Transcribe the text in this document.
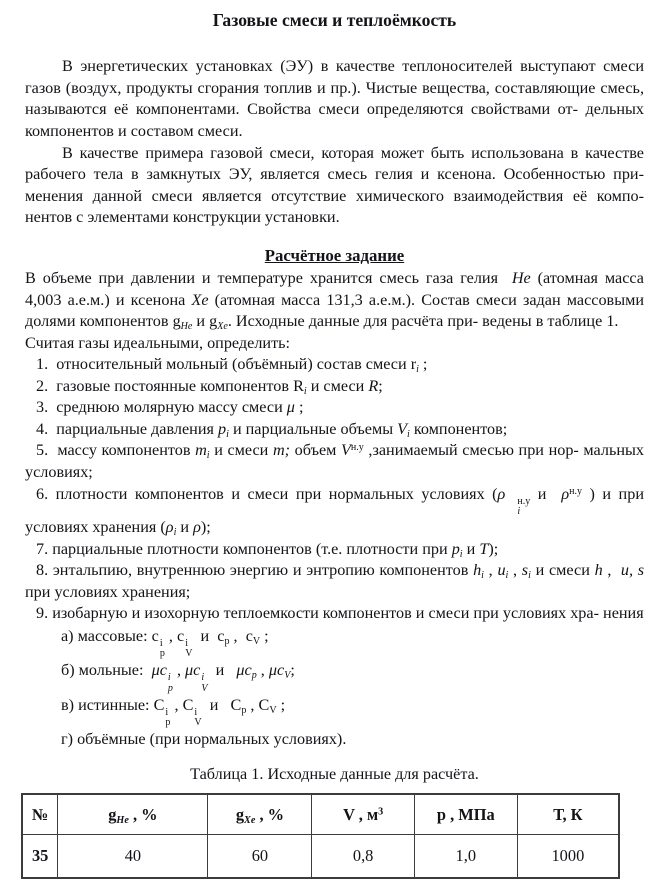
Газовые смеси и теплоёмкость

В энергетических установках (ЭУ) в качестве теплоносителей выступают смеси газов (воздух, продукты сгорания топлив и пр.). Чистые вещества, составляющие смесь, называются её компонентами. Свойства смеси определяются свойствами от- дельных компонентов и составом смеси.

В качестве примера газовой смеси, которая может быть использована в качестве рабочего тела в замкнутых ЭУ, является смесь гелия и ксенона. Особенностью при- менения данной смеси является отсутствие химического взаимодействия её компо- нентов с элементами конструкции установки.

Расчётное задание

В объеме при давлении и температуре хранится смесь газа гелия  He (атомная масса 4,003 а.е.м.) и ксенона Xe (атомная масса 131,3 а.е.м.). Состав смеси задан массовыми долями компонентов $g_{He}$ и $g_{Xe}$. Исходные данные для расчёта при- ведены в таблице 1.

Считая газы идеальными, определить:

1.  относительный мольный (объёмный) состав смеси $r_i$ ;

2.  газовые постоянные компонентов $R_i$ и смеси R;

3.  среднюю молярную массу смеси μ ;

4.  парциальные давления $p_i$ и парциальные объемы $V_i$ компонентов;

5.  массу компонентов $m_i$ и смеси m; объем $V^{н.у}$ ,занимаемый смесью при нор- мальных условиях;

6. плотности компонентов и смеси при нормальных условиях (ρ	н.у
i
и  $\rho^{н.у}$ ) и при условиях хранения ($\rho_i$ и ρ);

7. парциальные плотности компонентов (т.е. плотности при $p_i$ и T);

8. энтальпию, внутреннюю энергию и энтропию компонентов $h_i$ , $u_i$ , $s_i$ и смеси h ,  u, s при условиях хранения;

9. изобарную и изохорную теплоемкости компонентов и смеси при условиях хра- нения

а) массовые: c i
p
, c i
V
и  $c_p$ ,  $c_V$ ;

б) мольные:  μc i
p
, μc i
V
и   $\mu c_p$ , $\mu c_V$;

в) истинные: C i
p
, C i
V
и   $C_p$ , $C_V$ ;

г) объёмные (при нормальных условиях).

Таблица 1. Исходные данные для расчёта.

№	$g_{He}$ , %	$g_{Xe}$ , %	V , $м^3$	p , МПа	Т, К
35	40	60	0,8	1,0	1000
